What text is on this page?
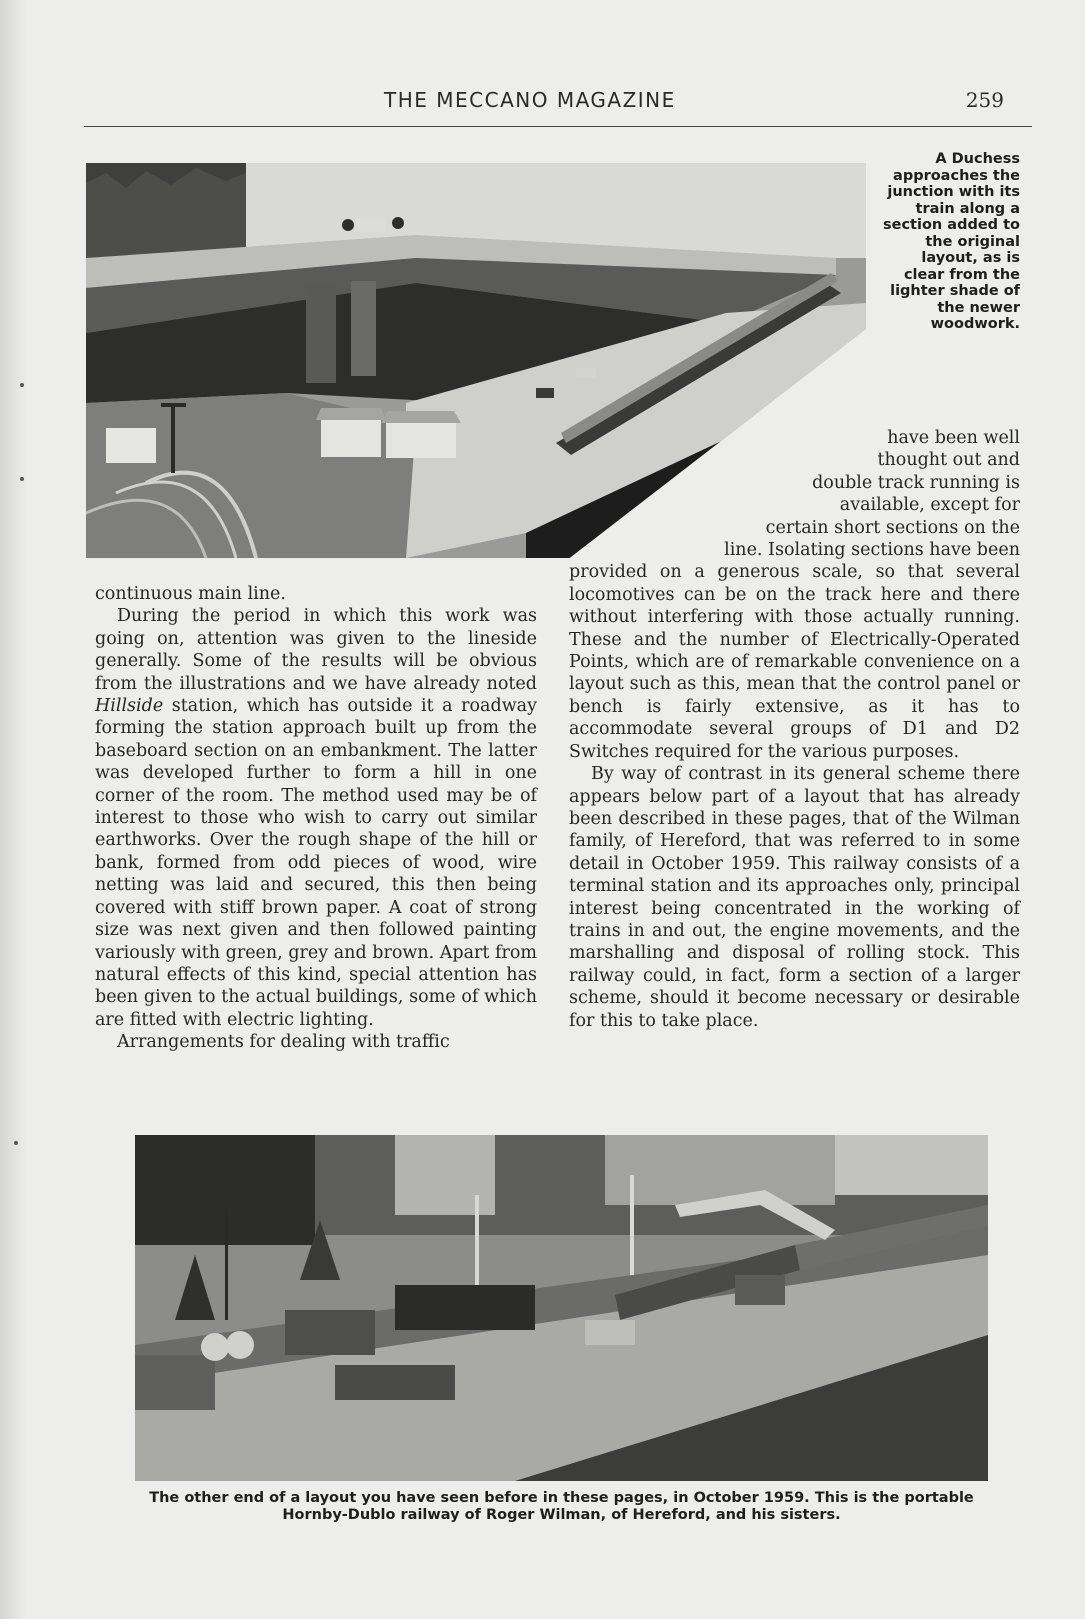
THE MECCANO MAGAZINE	259
A Duchess approaches the junction with its train along a section added to the original layout, as is clear from the lighter shade of the newer woodwork.
have been well
thought out and
double track running is
available, except for
certain short sections on the
line. Isolating sections have been

provided on a generous scale, so that several locomotives can be on the track here and there without interfering with those actually running. These and the number of Electrically-Operated Points, which are of remarkable convenience on a layout such as this, mean that the control panel or bench is fairly extensive, as it has to accommodate several groups of D1 and D2 Switches required for the various purposes.

By way of contrast in its general scheme there appears below part of a layout that has already been described in these pages, that of the Wilman family, of Hereford, that was referred to in some detail in October 1959. This railway consists of a terminal station and its approaches only, principal interest being concentrated in the working of trains in and out, the engine movements, and the marshalling and disposal of rolling stock. This railway could, in fact, form a section of a larger scheme, should it become necessary or desirable for this to take place.

continuous main line.

During the period in which this work was going on, attention was given to the lineside generally. Some of the results will be obvious from the illustrations and we have already noted Hillside station, which has outside it a roadway forming the station approach built up from the baseboard section on an embankment. The latter was developed further to form a hill in one corner of the room. The method used may be of interest to those who wish to carry out similar earthworks. Over the rough shape of the hill or bank, formed from odd pieces of wood, wire netting was laid and secured, this then being covered with stiff brown paper. A coat of strong size was next given and then followed painting variously with green, grey and brown. Apart from natural effects of this kind, special attention has been given to the actual buildings, some of which are fitted with electric lighting.

Arrangements for dealing with traffic

The other end of a layout you have seen before in these pages, in October 1959. This is the portable
Hornby-Dublo railway of Roger Wilman, of Hereford, and his sisters.
